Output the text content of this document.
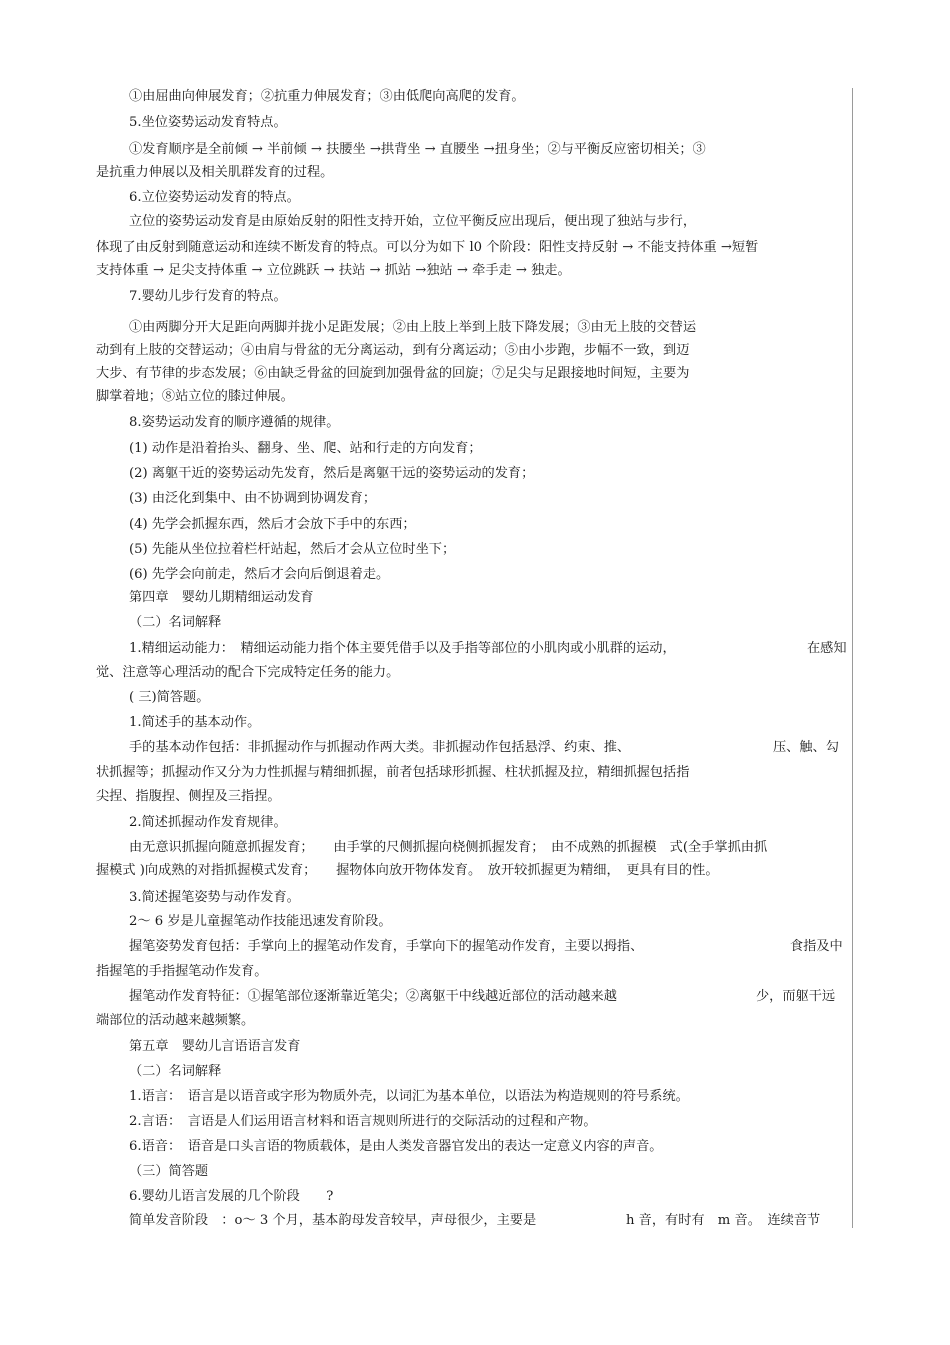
①由屈曲向伸展发育；②抗重力伸展发育；③由低爬向高爬的发育。
5.坐位姿势运动发育特点。
①发育顺序是全前倾 → 半前倾 → 扶腰坐 →拱背坐 → 直腰坐 →扭身坐；②与平衡反应密切相关；③
是抗重力伸展以及相关肌群发育的过程。
6.立位姿势运动发育的特点。
立位的姿势运动发育是由原始反射的阳性支持开始，立位平衡反应出现后，便出现了独站与步行，
体现了由反射到随意运动和连续不断发育的特点。可以分为如下 l0 个阶段：阳性支持反射 → 不能支持体重 →短暂
支持体重 → 足尖支持体重 → 立位跳跃 → 扶站 → 抓站 →独站 → 牵手走 → 独走。
7.婴幼儿步行发育的特点。
①由两脚分开大足距向两脚并拢小足距发展；②由上肢上举到上肢下降发展；③由无上肢的交替运
动到有上肢的交替运动；④由肩与骨盆的无分离运动，到有分离运动；⑤由小步跑，步幅不一致，到迈
大步、有节律的步态发展；⑥由缺乏骨盆的回旋到加强骨盆的回旋；⑦足尖与足跟接地时间短，主要为
脚掌着地；⑧站立位的膝过伸展。
8.姿势运动发育的顺序遵循的规律。
(1) 动作是沿着抬头、翻身、坐、爬、站和行走的方向发育；
(2) 离躯干近的姿势运动先发育，然后是离躯干远的姿势运动的发育；
(3) 由泛化到集中、由不协调到协调发育；
(4) 先学会抓握东西，然后才会放下手中的东西；
(5) 先能从坐位拉着栏杆站起，然后才会从立位时坐下；
(6) 先学会向前走，然后才会向后倒退着走。
第四章　婴幼儿期精细运动发育
（二）名词解释
1.精细运动能力：　精细运动能力指个体主要凭借手以及手指等部位的小肌肉或小肌群的运动，	在感知
觉、注意等心理活动的配合下完成特定任务的能力。
( 三)简答题。
1.简述手的基本动作。
手的基本动作包括：非抓握动作与抓握动作两大类。非抓握动作包括悬浮、约束、推、	压、触、勾
状抓握等；抓握动作又分为力性抓握与精细抓握，前者包括球形抓握、柱状抓握及拉，精细抓握包括指
尖捏、指腹捏、侧捏及三指捏。
2.简述抓握动作发育规律。
由无意识抓握向随意抓握发育；　　由手掌的尺侧抓握向桡侧抓握发育；　由不成熟的抓握模　式(全手掌抓由抓
握模式 )向成熟的对指抓握模式发育；　　握物体向放开物体发育。　放开较抓握更为精细，　更具有目的性。
3.简述握笔姿势与动作发育。
2～ 6 岁是儿童握笔动作技能迅速发育阶段。
握笔姿势发育包括：手掌向上的握笔动作发育，手掌向下的握笔动作发育，主要以拇指、	食指及中
指握笔的手指握笔动作发育。
握笔动作发育特征：①握笔部位逐渐靠近笔尖；②离躯干中线越近部位的活动越来越	少，而躯干远
端部位的活动越来越频繁。
第五章　婴幼儿言语语言发育
（二）名词解释
1.语言：　语言是以语音或字形为物质外壳，以词汇为基本单位，以语法为构造规则的符号系统。
2.言语：　言语是人们运用语言材料和语言规则所进行的交际活动的过程和产物。
6.语音：　语音是口头言语的物质载体，是由人类发音器官发出的表达一定意义内容的声音。
（三）简答题
6.婴幼儿语言发展的几个阶段　　?
简单发音阶段　：o～ 3 个月，基本韵母发音较早，声母很少，主要是	h 音，有时有　m 音。　连续音节
